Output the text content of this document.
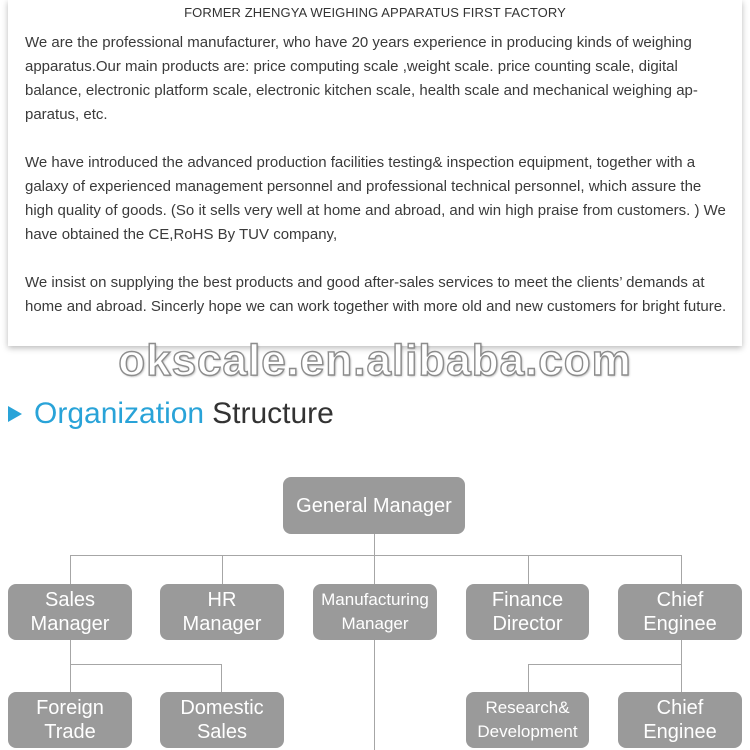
FORMER ZHENGYA WEIGHING APPARATUS FIRST FACTORY

We are the professional manufacturer, who have 20 years experience in producing kinds of weighing apparatus.Our main products are: price computing scale ,weight scale. price counting scale, digital balance, electronic platform scale, electronic kitchen scale, health scale and mechanical weighing ap-paratus, etc.

We have introduced the advanced production facilities testing& inspection equipment, together with a galaxy of experienced management personnel and professional technical personnel, which assure the high quality of goods. (So it sells very well at home and abroad, and win high praise from customers. ) We have obtained the CE,RoHS By TUV company,

We insist on supplying the best products and good after-sales services to meet the clients’ demands at home and abroad. Sincerly hope we can work together with more old and new customers for bright future.

okscale.en.alibaba.com
Organization Structure
General Manager
Sales
Manager
HR
Manager
Manufacturing
Manager
Finance
Director
Chief
Enginee
Foreign
Trade
Domestic
Sales
Research&
Development
Chief
Enginee
